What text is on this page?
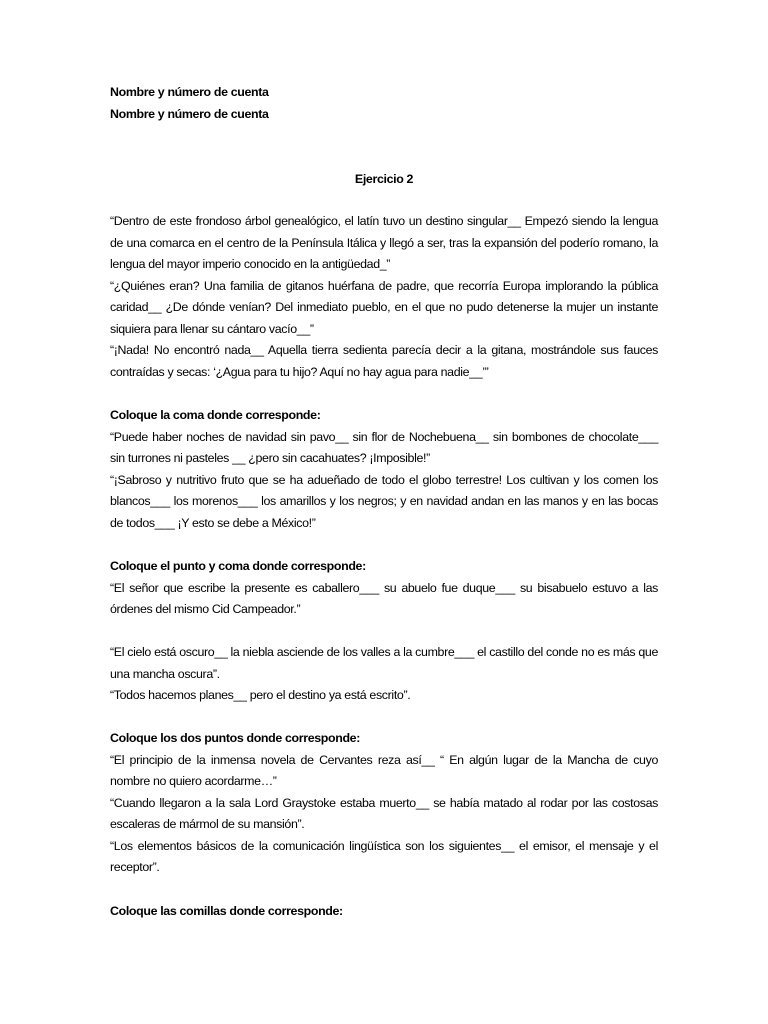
Nombre y número de cuenta
Nombre y número de cuenta
Ejercicio 2

“Dentro de este frondoso árbol genealógico, el latín tuvo un destino singular__ Empezó siendo la lengua de una comarca en el centro de la Península Itálica y llegó a ser, tras la expansión del poderío romano, la lengua del mayor imperio conocido en la antigüedad_”

“¿Quiénes eran? Una familia de gitanos huérfana de padre, que recorría Europa implorando la pública caridad__ ¿De dónde venían? Del inmediato pueblo, en el que no pudo detenerse la mujer un instante siquiera para llenar su cántaro vacío__”

“¡Nada! No encontró nada__ Aquella tierra sedienta parecía decir a la gitana, mostrándole sus fauces contraídas y secas: ‘¿Agua para tu hijo? Aquí no hay agua para nadie__’”

Coloque la coma donde corresponde:

“Puede haber noches de navidad sin pavo__ sin flor de Nochebuena__ sin bombones de chocolate___ sin turrones ni pasteles __ ¿pero sin cacahuates? ¡Imposible!”

“¡Sabroso y nutritivo fruto que se ha adueñado de todo el globo terrestre! Los cultivan y los comen los blancos___ los morenos___ los amarillos y los negros; y en navidad andan en las manos y en las bocas de todos___ ¡Y esto se debe a México!”

Coloque el punto y coma donde corresponde:

“El señor que escribe la presente es caballero___ su abuelo fue duque___ su bisabuelo estuvo a las órdenes del mismo Cid Campeador.”

“El cielo está oscuro__ la niebla asciende de los valles a la cumbre___ el castillo del conde no es más que una mancha oscura”.

“Todos hacemos planes__ pero el destino ya está escrito”.

Coloque los dos puntos donde corresponde:

“El principio de la inmensa novela de Cervantes reza así__ “ En algún lugar de la Mancha de cuyo nombre no quiero acordarme…”

“Cuando llegaron a la sala Lord Graystoke estaba muerto__ se había matado al rodar por las costosas escaleras de mármol de su mansión”.

“Los elementos básicos de la comunicación lingüística son los siguientes__ el emisor, el mensaje y el receptor”.

Coloque las comillas donde corresponde:
